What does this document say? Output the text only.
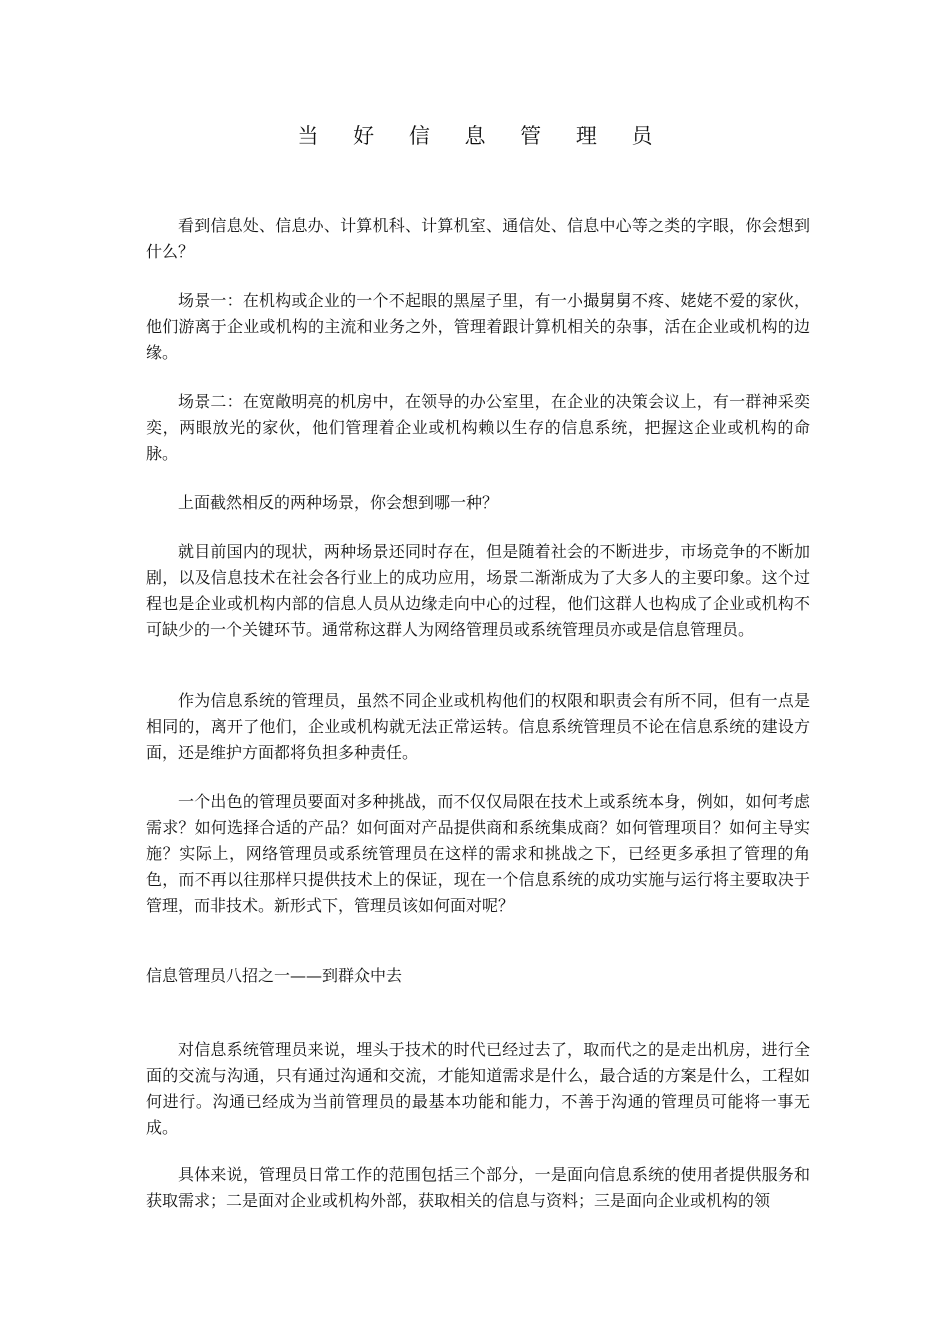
当 好 信 息 管 理 员

看到信息处、信息办、计算机科、计算机室、通信处、信息中心等之类的字眼，你会想到什么？

场景一：在机构或企业的一个不起眼的黑屋子里，有一小撮舅舅不疼、姥姥不爱的家伙，他们游离于企业或机构的主流和业务之外，管理着跟计算机相关的杂事，活在企业或机构的边缘。

场景二：在宽敞明亮的机房中，在领导的办公室里，在企业的决策会议上，有一群神采奕奕，两眼放光的家伙，他们管理着企业或机构赖以生存的信息系统，把握这企业或机构的命脉。

上面截然相反的两种场景，你会想到哪一种？

就目前国内的现状，两种场景还同时存在，但是随着社会的不断进步，市场竞争的不断加剧，以及信息技术在社会各行业上的成功应用，场景二渐渐成为了大多人的主要印象。这个过程也是企业或机构内部的信息人员从边缘走向中心的过程，他们这群人也构成了企业或机构不可缺少的一个关键环节。通常称这群人为网络管理员或系统管理员亦或是信息管理员。

作为信息系统的管理员，虽然不同企业或机构他们的权限和职责会有所不同，但有一点是相同的，离开了他们，企业或机构就无法正常运转。信息系统管理员不论在信息系统的建设方面，还是维护方面都将负担多种责任。

一个出色的管理员要面对多种挑战，而不仅仅局限在技术上或系统本身，例如，如何考虑需求？如何选择合适的产品？如何面对产品提供商和系统集成商？如何管理项目？如何主导实施？实际上，网络管理员或系统管理员在这样的需求和挑战之下，已经更多承担了管理的角色，而不再以往那样只提供技术上的保证，现在一个信息系统的成功实施与运行将主要取决于管理，而非技术。新形式下，管理员该如何面对呢？

信息管理员八招之一——到群众中去

对信息系统管理员来说，埋头于技术的时代已经过去了，取而代之的是走出机房，进行全面的交流与沟通，只有通过沟通和交流，才能知道需求是什么，最合适的方案是什么，工程如何进行。沟通已经成为当前管理员的最基本功能和能力，不善于沟通的管理员可能将一事无成。

具体来说，管理员日常工作的范围包括三个部分，一是面向信息系统的使用者提供服务和获取需求；二是面对企业或机构外部，获取相关的信息与资料；三是面向企业或机构的领
